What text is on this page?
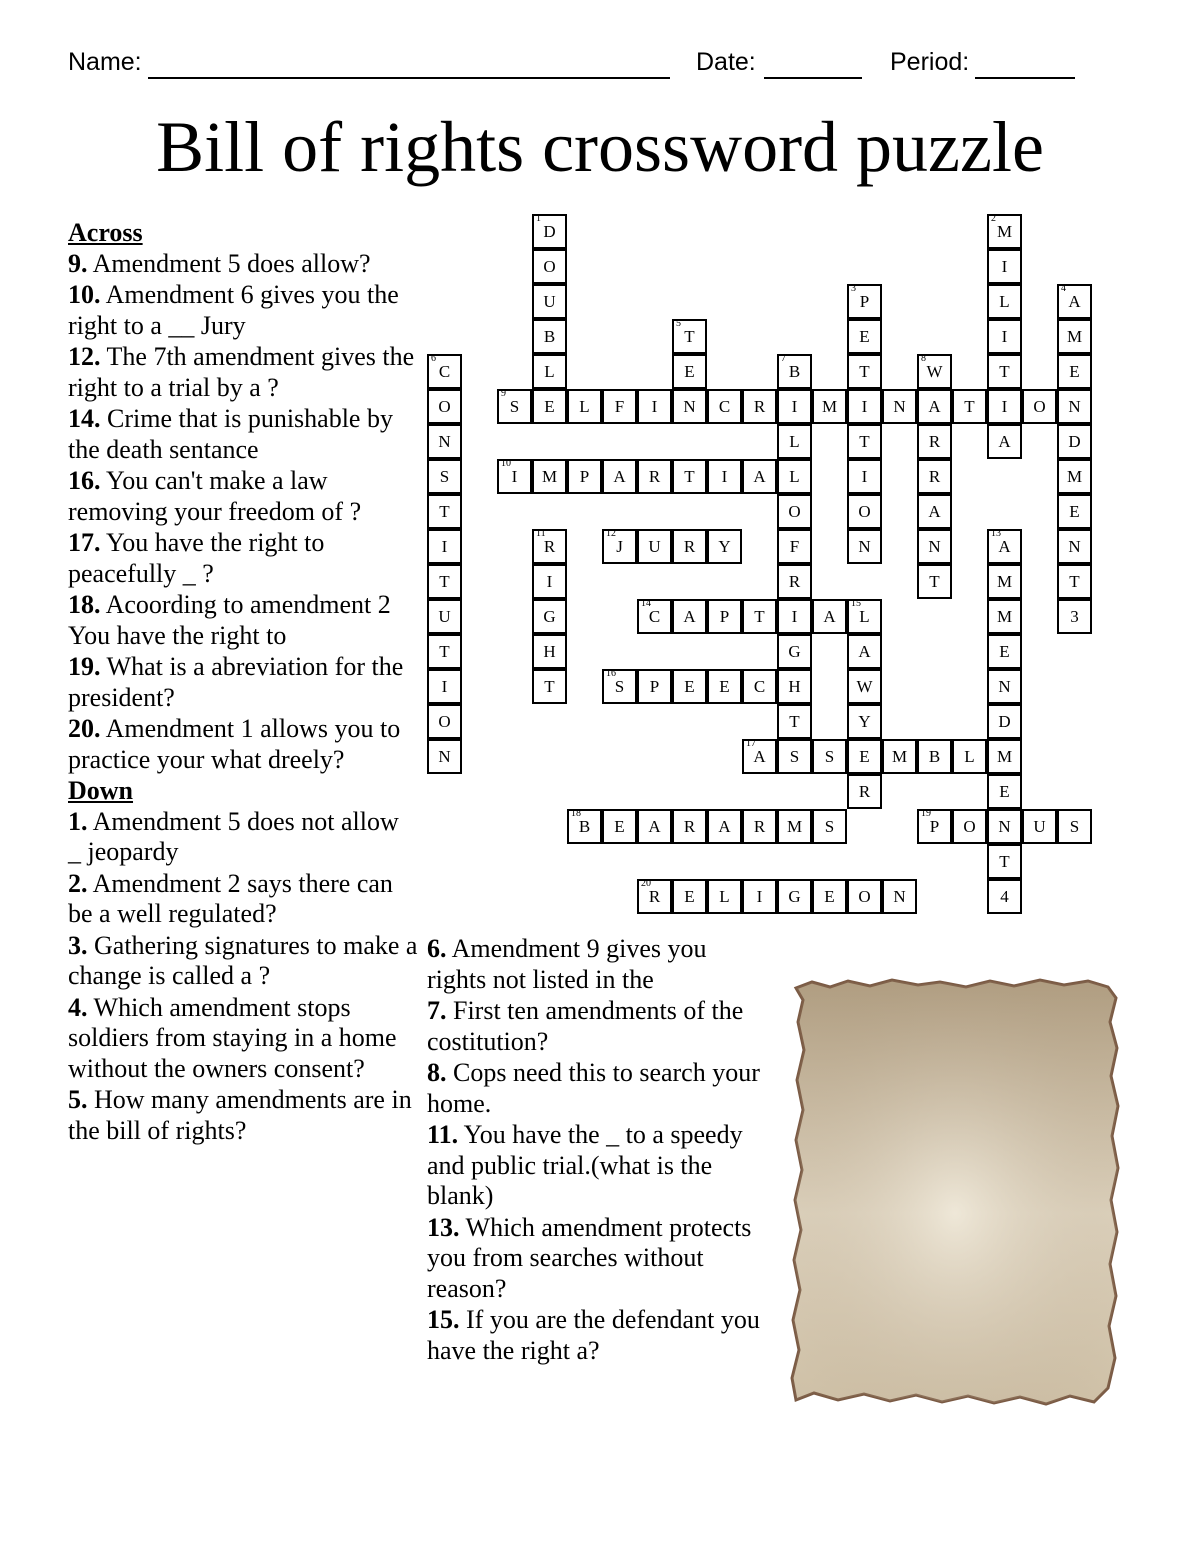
Name:	Date:	Period:
Bill of rights crossword puzzle

Across

9. Amendment 5 does allow?

10. Amendment 6 gives you the right to a __ Jury

12. The 7th amendment gives the right to a trial by a ?

14. Crime that is punishable by the death sentance

16. You can't make a law removing your freedom of ?

17. You have the right to peacefully _ ?

18. Acoording to amendment 2 You have the right to

19. What is a abreviation for the president?

20. Amendment 1 allows you to practice your what dreely?

Down

1. Amendment 5 does not allow _ jeopardy

2. Amendment 2 says there can be a well regulated?

3. Gathering signatures to make a change is called a ?

4. Which amendment stops soldiers from staying in a home without the owners consent?

5. How many amendments are in the bill of rights?

6. Amendment 9 gives you rights not listed in the

7. First ten amendments of the costitution?

8. Cops need this to search your home.

11. You have the _ to a speedy and public trial.(what is the blank)

13. Which amendment protects you from searches without reason?

15. If you are the defendant you have the right a?

1
D
O
U
B
L
E
2
M
I
L
I
T
I
A
3
P
E
T
I
T
I
O
N
4
A
M
E
N
D
M
E
N
T
3
5
T
E
N
6
C
O
N
S
T
I
T
U
T
I
O
N
7
B
I
L
L
O
F
R
I
G
H
T
S
8
W
A
R
R
A
N
T
9
S	L	F	I	C	R	M	N	T	O
10
I	M	P	A	R	T	I	A
11
R
I
G
H
T
12
J	U	R	Y
13
A
M
M
E
N
D
M
E
N
T
4
14
C	A	P	T	A
15
L
A
W
Y
E
R
16
S	P	E	E	C
17
A	S	M	B	L
18
B	E	A	R	A	R	M	S
19
P	O	U	S
20
R	E	L	I	G	E	O	N
